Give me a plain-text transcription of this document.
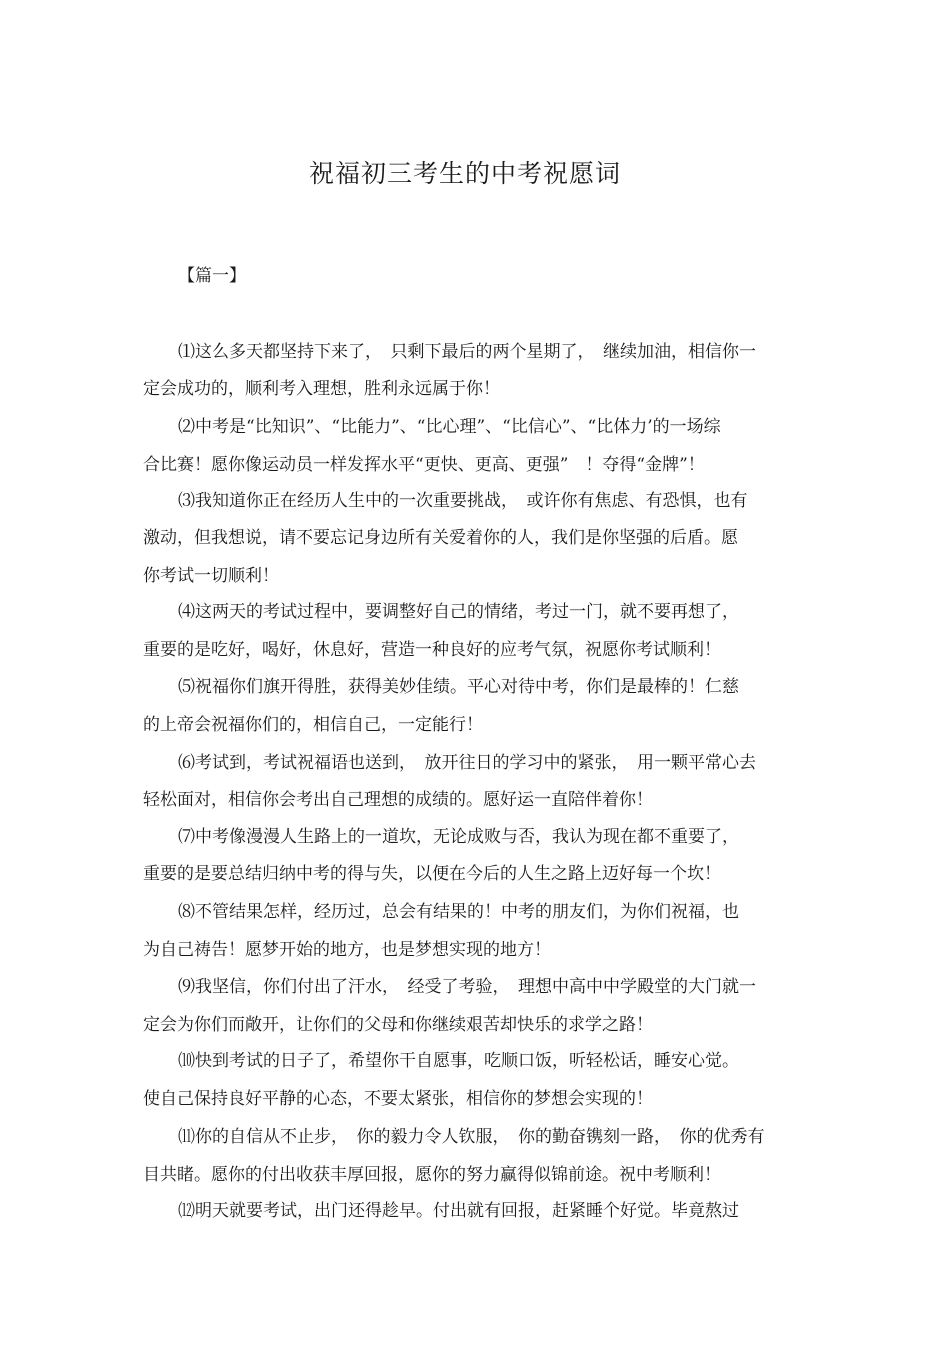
祝福初三考生的中考祝愿词
【篇一】
⑴这么多天都坚持下来了，　只剩下最后的两个星期了，　继续加油，相信你一
定会成功的，顺利考入理想，胜利永远属于你！
⑵中考是“比知识”、“比能力”、“比心理”、“比信心”、“比体力’的一场综
合比赛！愿你像运动员一样发挥水平“更快、更高、更强”　！夺得“金牌”！
⑶我知道你正在经历人生中的一次重要挑战，　或许你有焦虑、有恐惧，也有
激动，但我想说，请不要忘记身边所有关爱着你的人，我们是你坚强的后盾。愿
你考试一切顺利！
⑷这两天的考试过程中，要调整好自己的情绪，考过一门，就不要再想了，
重要的是吃好，喝好，休息好，营造一种良好的应考气氛，祝愿你考试顺利！
⑸祝福你们旗开得胜，获得美妙佳绩。平心对待中考，你们是最棒的！仁慈
的上帝会祝福你们的，相信自己，一定能行！
⑹考试到，考试祝福语也送到，　放开往日的学习中的紧张，　用一颗平常心去
轻松面对，相信你会考出自己理想的成绩的。愿好运一直陪伴着你！
⑺中考像漫漫人生路上的一道坎，无论成败与否，我认为现在都不重要了，
重要的是要总结归纳中考的得与失，以便在今后的人生之路上迈好每一个坎！
⑻不管结果怎样，经历过，总会有结果的！中考的朋友们，为你们祝福，也
为自己祷告！愿梦开始的地方，也是梦想实现的地方！
⑼我坚信，你们付出了汗水，　经受了考验，　理想中高中中学殿堂的大门就一
定会为你们而敞开，让你们的父母和你继续艰苦却快乐的求学之路！
⑽快到考试的日子了，希望你干自愿事，吃顺口饭，听轻松话，睡安心觉。
使自己保持良好平静的心态，不要太紧张，相信你的梦想会实现的！
⑾你的自信从不止步，　你的毅力令人钦服，　你的勤奋镌刻一路，　你的优秀有
目共睹。愿你的付出收获丰厚回报，愿你的努力赢得似锦前途。祝中考顺利！
⑿明天就要考试，出门还得趁早。付出就有回报，赶紧睡个好觉。毕竟熬过
